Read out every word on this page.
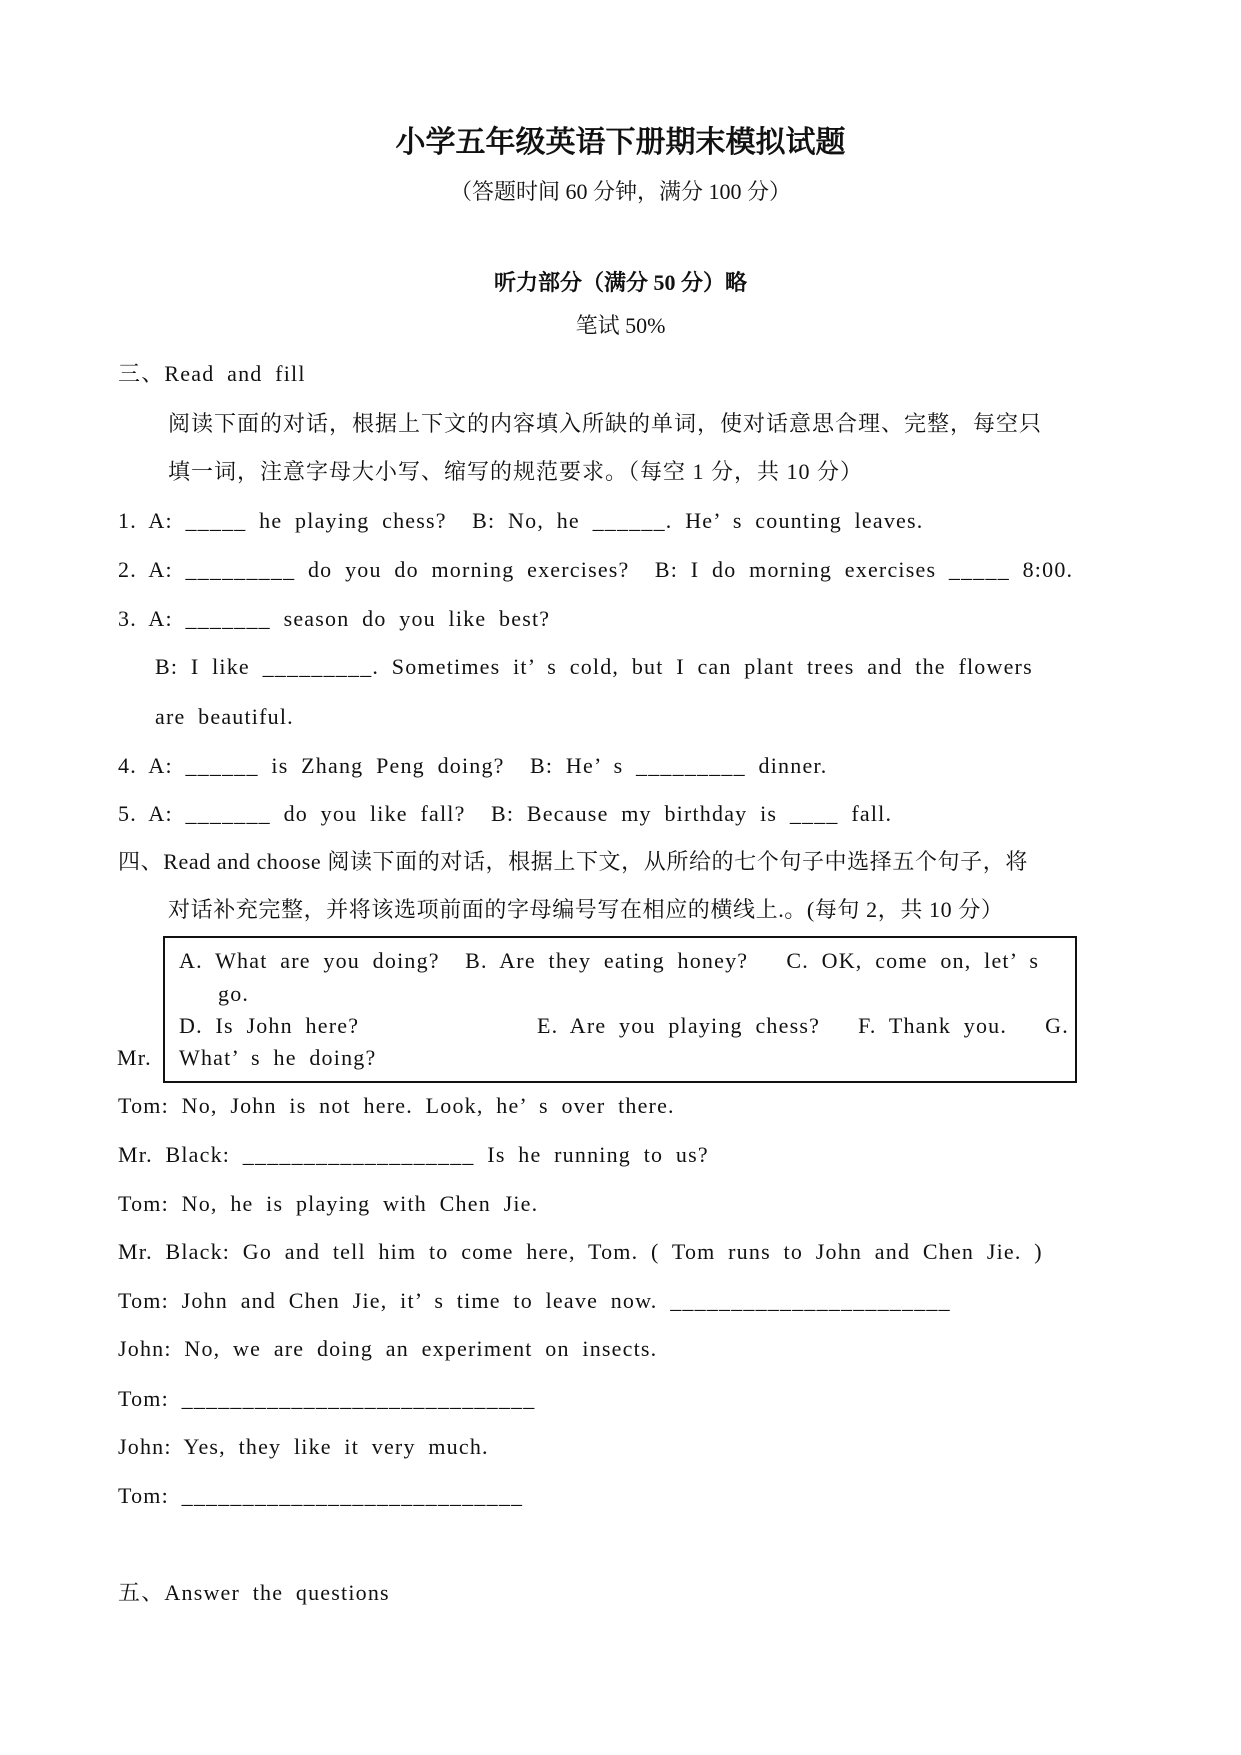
小学五年级英语下册期末模拟试题
（答题时间 60 分钟，满分 100 分）
听力部分（满分 50 分）略
笔试 50%
三、Read and fill
阅读下面的对话，根据上下文的内容填入所缺的单词，使对话意思合理、完整，每空只
填一词，注意字母大小写、缩写的规范要求。（每空 1 分，共 10 分）
1. A: _____ he playing chess?  B: No, he ______. He’ s counting leaves.
2. A: _________ do you do morning exercises?  B: I do morning exercises _____ 8:00.
3. A: _______ season do you like best?
B: I like _________. Sometimes it’ s cold, but I can plant trees and the flowers
are beautiful.
4. A: ______ is Zhang Peng doing?  B: He’ s _________ dinner.
5. A: _______ do you like fall?  B: Because my birthday is ____ fall.
四、Read and choose 阅读下面的对话，根据上下文，从所给的七个句子中选择五个句子，将
对话补充完整，并将该选项前面的字母编号写在相应的横线上.。(每句 2，共 10 分）
A. What are you doing?  B. Are they eating honey?   C. OK, come on, let’ s
go.
D. Is John here?              E. Are you playing chess?   F. Thank you.   G.
What’ s he doing?
Mr.
Tom: No, John is not here. Look, he’ s over there.
Mr. Black: ___________________ Is he running to us?
Tom: No, he is playing with Chen Jie.
Mr. Black: Go and tell him to come here, Tom. ( Tom runs to John and Chen Jie. )
Tom: John and Chen Jie, it’ s time to leave now. _______________________
John: No, we are doing an experiment on insects.
Tom: _____________________________
John: Yes, they like it very much.
Tom: ____________________________
五、Answer the questions
